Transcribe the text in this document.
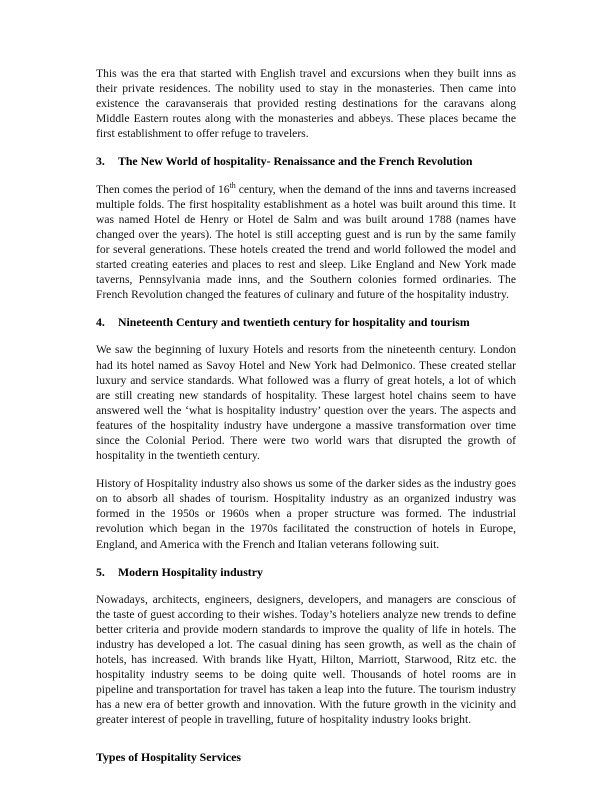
This was the era that started with English travel and excursions when they built inns as their private residences. The nobility used to stay in the monasteries. Then came into existence the caravanserais that provided resting destinations for the caravans along Middle Eastern routes along with the monasteries and abbeys. These places became the first establishment to offer refuge to travelers.

3.	The New World of hospitality- Renaissance and the French Revolution

Then comes the period of 16th century, when the demand of the inns and taverns increased multiple folds. The first hospitality establishment as a hotel was built around this time. It was named Hotel de Henry or Hotel de Salm and was built around 1788 (names have changed over the years). The hotel is still accepting guest and is run by the same family for several generations. These hotels created the trend and world followed the model and started creating eateries and places to rest and sleep. Like England and New York made taverns, Pennsylvania made inns, and the Southern colonies formed ordinaries. The French Revolution changed the features of culinary and future of the hospitality industry.

4.	Nineteenth Century and twentieth century for hospitality and tourism

We saw the beginning of luxury Hotels and resorts from the nineteenth century. London had its hotel named as Savoy Hotel and New York had Delmonico. These created stellar luxury and service standards. What followed was a flurry of great hotels, a lot of which are still creating new standards of hospitality. These largest hotel chains seem to have answered well the ‘what is hospitality industry’ question over the years. The aspects and features of the hospitality industry have undergone a massive transformation over time since the Colonial Period. There were two world wars that disrupted the growth of hospitality in the twentieth century.

History of Hospitality industry also shows us some of the darker sides as the industry goes on to absorb all shades of tourism. Hospitality industry as an organized industry was formed in the 1950s or 1960s when a proper structure was formed. The industrial revolution which began in the 1970s facilitated the construction of hotels in Europe, England, and America with the French and Italian veterans following suit.

5.	Modern Hospitality industry

Nowadays, architects, engineers, designers, developers, and managers are conscious of the taste of guest according to their wishes. Today’s hoteliers analyze new trends to define better criteria and provide modern standards to improve the quality of life in hotels. The industry has developed a lot. The casual dining has seen growth, as well as the chain of hotels, has increased. With brands like Hyatt, Hilton, Marriott, Starwood, Ritz etc. the hospitality industry seems to be doing quite well. Thousands of hotel rooms are in pipeline and transportation for travel has taken a leap into the future. The tourism industry has a new era of better growth and innovation. With the future growth in the vicinity and greater interest of people in travelling, future of hospitality industry looks bright.

Types of Hospitality Services
